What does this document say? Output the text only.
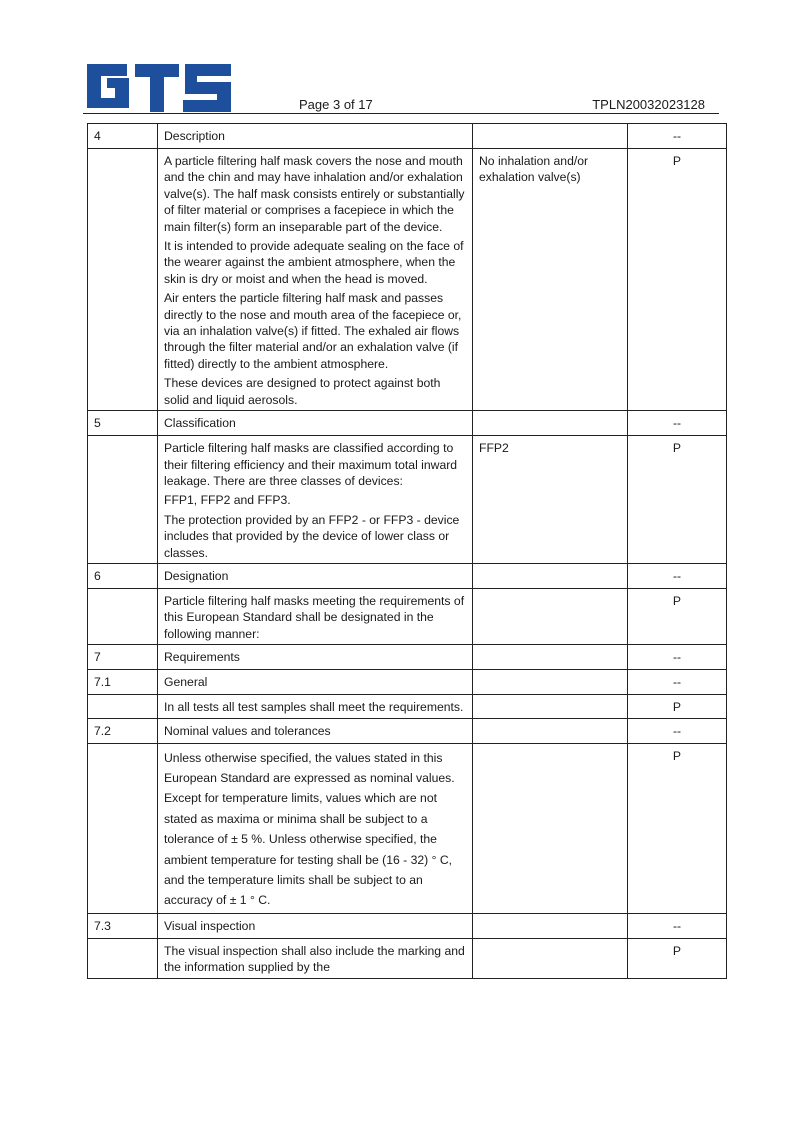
Page 3 of 17	TPLN20032023128
4	Description		--

	A particle filtering half mask covers the nose and mouth and the chin and may have inhalation and/or exhalation valve(s). The half mask consists entirely or substantially of filter material or comprises a facepiece in which the main filter(s) form an inseparable part of the device.
It is intended to provide adequate sealing on the face of the wearer against the ambient atmosphere, when the skin is dry or moist and when the head is moved.
Air enters the particle filtering half mask and passes directly to the nose and mouth area of the facepiece or, via an inhalation valve(s) if fitted. The exhaled air flows through the filter material and/or an exhalation valve (if fitted) directly to the ambient atmosphere.
These devices are designed to protect against both solid and liquid aerosols.	No inhalation and/or exhalation valve(s)	P
5	Classification		--

	Particle filtering half masks are classified according to their filtering efficiency and their maximum total inward leakage. There are three classes of devices:
FFP1, FFP2 and FFP3.
The protection provided by an FFP2 - or FFP3 - device includes that provided by the device of lower class or classes.	FFP2	P
6	Designation		--

	Particle filtering half masks meeting the requirements of this European Standard shall be designated in the following manner:		P
7	Requirements		--
7.1	General		--

	In all tests all test samples shall meet the requirements.		P
7.2	Nominal values and tolerances		--

	Unless otherwise specified, the values stated in this European Standard are expressed as nominal values. Except for temperature limits, values which are not stated as maxima or minima shall be subject to a tolerance of ± 5 %. Unless otherwise specified, the ambient temperature for testing shall be (16 - 32) ° C, and the temperature limits shall be subject to an accuracy of ± 1 ° C.		P
7.3	Visual inspection		--

	The visual inspection shall also include the marking and the information supplied by the		P
